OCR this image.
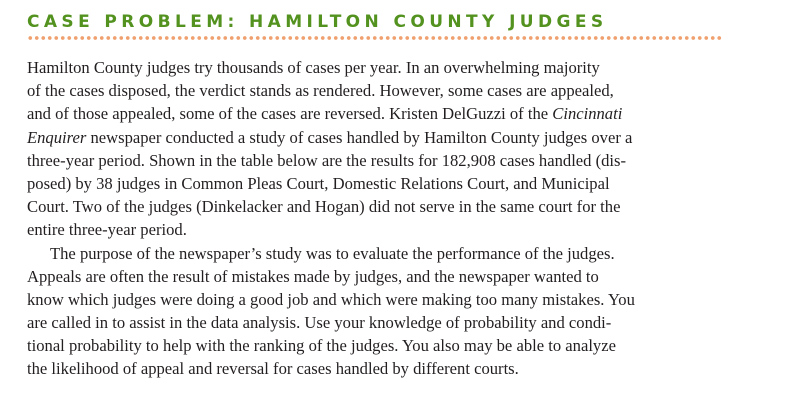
CASE PROBLEM: HAMILTON COUNTY JUDGES

Hamilton County judges try thousands of cases per year. In an overwhelming majority
of the cases disposed, the verdict stands as rendered. However, some cases are appealed,
and of those appealed, some of the cases are reversed. Kristen DelGuzzi of the Cincinnati
Enquirer newspaper conducted a study of cases handled by Hamilton County judges over a
three-year period. Shown in the table below are the results for 182,908 cases handled (dis-
posed) by 38 judges in Common Pleas Court, Domestic Relations Court, and Municipal
Court. Two of the judges (Dinkelacker and Hogan) did not serve in the same court for the
entire three-year period.

The purpose of the newspaper’s study was to evaluate the performance of the judges.
Appeals are often the result of mistakes made by judges, and the newspaper wanted to
know which judges were doing a good job and which were making too many mistakes. You
are called in to assist in the data analysis. Use your knowledge of probability and condi-
tional probability to help with the ranking of the judges. You also may be able to analyze
the likelihood of appeal and reversal for cases handled by different courts.
